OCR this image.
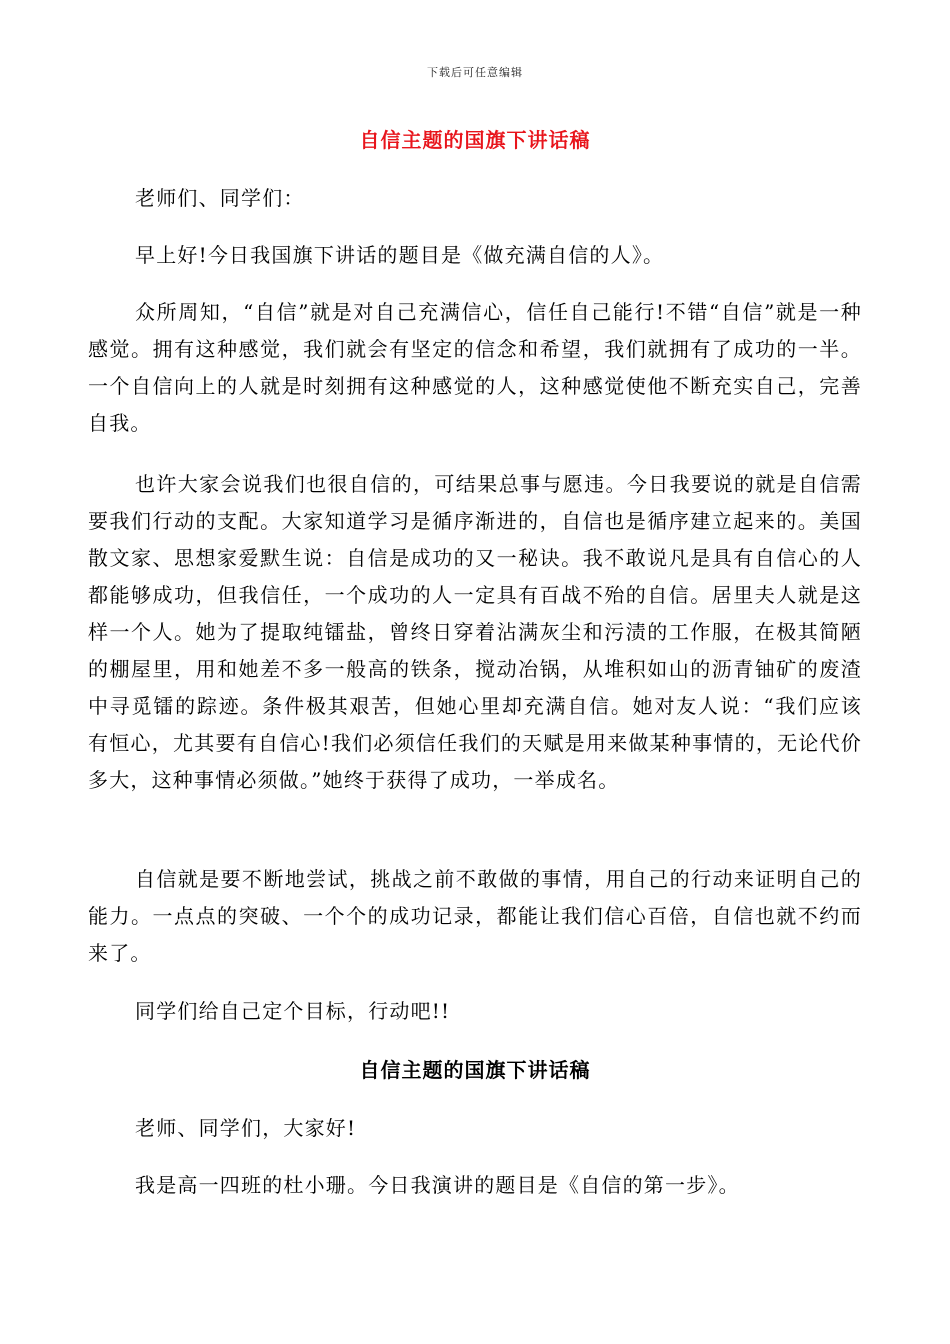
下载后可任意编辑
自信主题的国旗下讲话稿

老师们、同学们：

早上好!今日我国旗下讲话的题目是《做充满自信的人》。

众所周知，“自信”就是对自己充满信心，信任自己能行!不错“自信”就是一种感觉。拥有这种感觉，我们就会有坚定的信念和希望，我们就拥有了成功的一半。一个自信向上的人就是时刻拥有这种感觉的人，这种感觉使他不断充实自己，完善自我。

也许大家会说我们也很自信的，可结果总事与愿违。今日我要说的就是自信需要我们行动的支配。大家知道学习是循序渐进的，自信也是循序建立起来的。美国散文家、思想家爱默生说：自信是成功的又一秘诀。我不敢说凡是具有自信心的人都能够成功，但我信任，一个成功的人一定具有百战不殆的自信。居里夫人就是这样一个人。她为了提取纯镭盐，曾终日穿着沾满灰尘和污渍的工作服，在极其简陋的棚屋里，用和她差不多一般高的铁条，搅动冶锅，从堆积如山的沥青铀矿的废渣中寻觅镭的踪迹。条件极其艰苦，但她心里却充满自信。她对友人说：“我们应该有恒心，尤其要有自信心!我们必须信任我们的天赋是用来做某种事情的，无论代价多大，这种事情必须做。”她终于获得了成功，一举成名。

自信就是要不断地尝试，挑战之前不敢做的事情，用自己的行动来证明自己的能力。一点点的突破、一个个的成功记录，都能让我们信心百倍，自信也就不约而来了。

同学们给自己定个目标，行动吧!!

自信主题的国旗下讲话稿

老师、同学们，大家好!

我是高一四班的杜小珊。今日我演讲的题目是《自信的第一步》。
